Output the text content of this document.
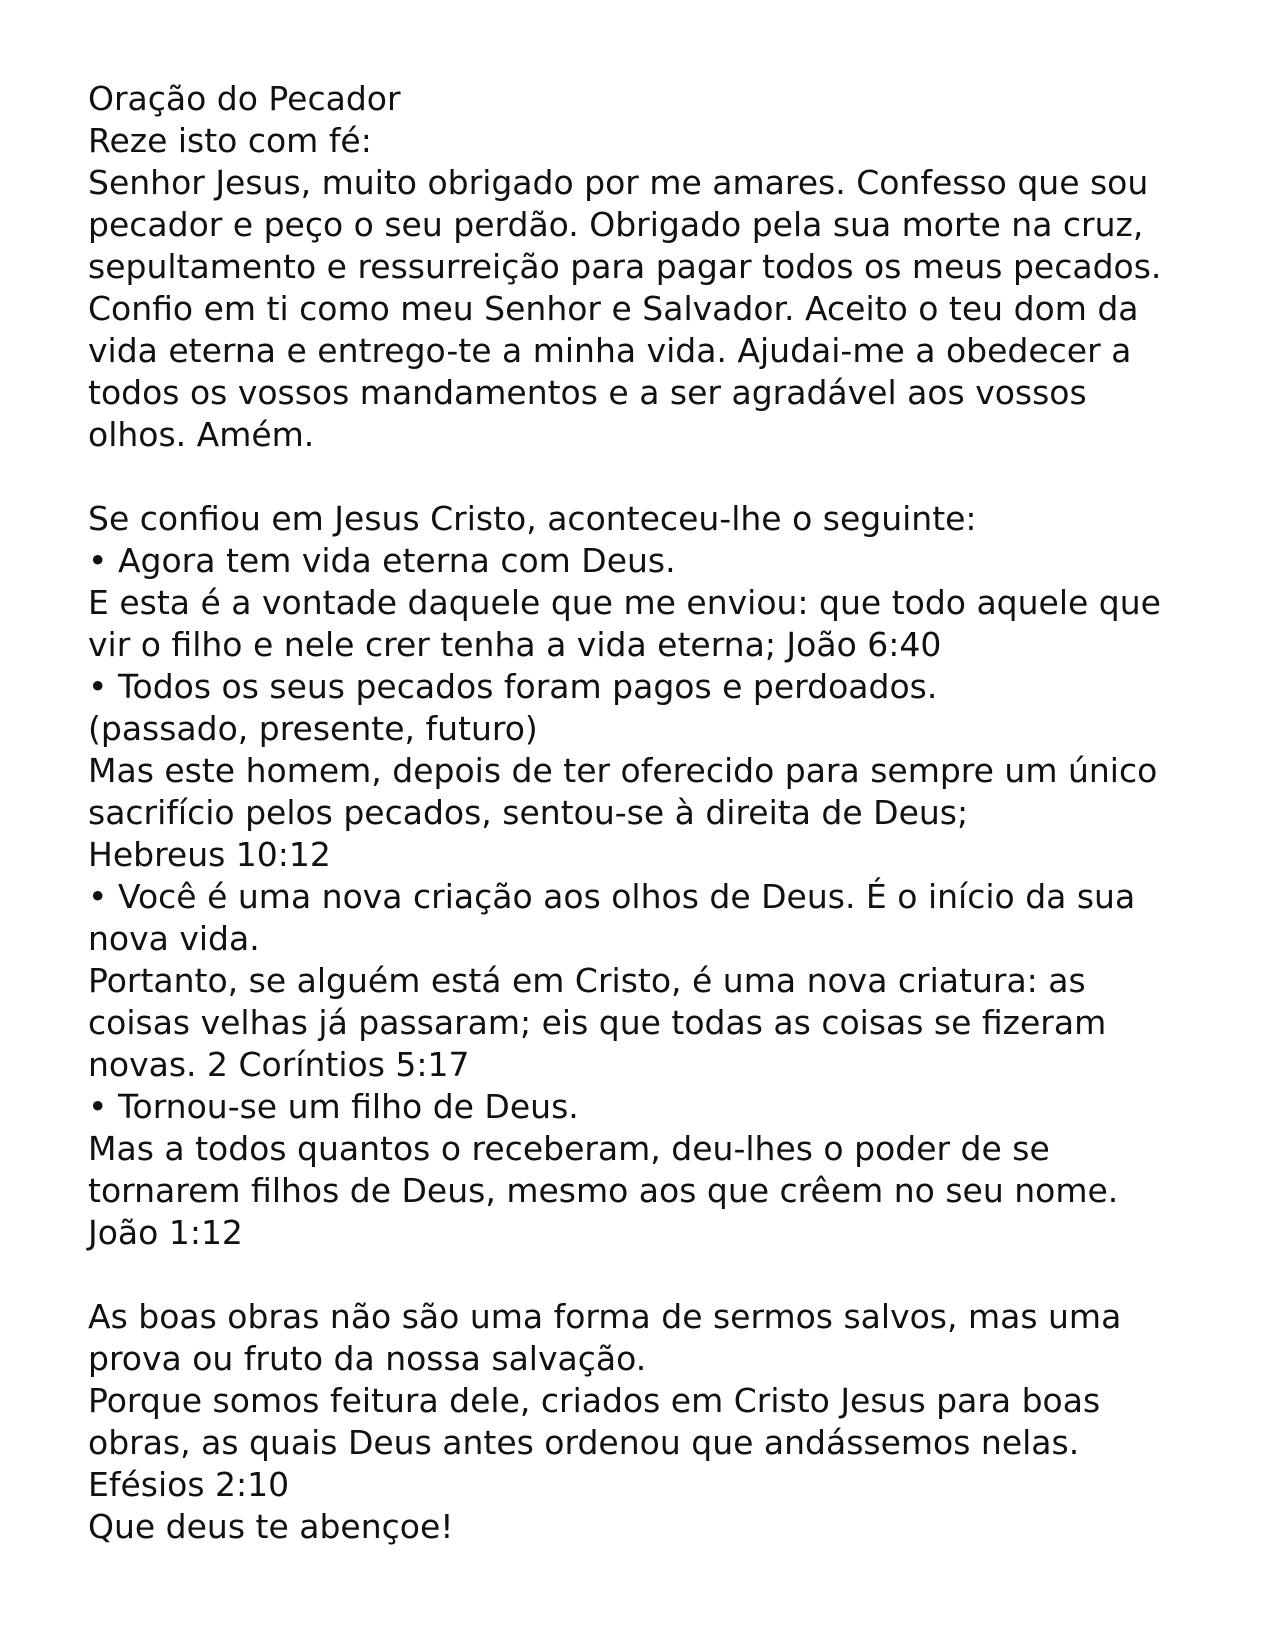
Oração do Pecador
Reze isto com fé:
Senhor Jesus, muito obrigado por me amares. Confesso que sou
pecador e peço o seu perdão. Obrigado pela sua morte na cruz,
sepultamento e ressurreição para pagar todos os meus pecados.
Confio em ti como meu Senhor e Salvador. Aceito o teu dom da
vida eterna e entrego-te a minha vida. Ajudai-me a obedecer a
todos os vossos mandamentos e a ser agradável aos vossos
olhos. Amém.
Se confiou em Jesus Cristo, aconteceu-lhe o seguinte:
• Agora tem vida eterna com Deus.
E esta é a vontade daquele que me enviou: que todo aquele que
vir o filho e nele crer tenha a vida eterna; João 6:40
• Todos os seus pecados foram pagos e perdoados.
(passado, presente, futuro)
Mas este homem, depois de ter oferecido para sempre um único
sacrifício pelos pecados, sentou-se à direita de Deus;
Hebreus 10:12
• Você é uma nova criação aos olhos de Deus. É o início da sua
nova vida.
Portanto, se alguém está em Cristo, é uma nova criatura: as
coisas velhas já passaram; eis que todas as coisas se fizeram
novas. 2 Coríntios 5:17
• Tornou-se um filho de Deus.
Mas a todos quantos o receberam, deu-lhes o poder de se
tornarem filhos de Deus, mesmo aos que crêem no seu nome.
João 1:12
As boas obras não são uma forma de sermos salvos, mas uma
prova ou fruto da nossa salvação.
Porque somos feitura dele, criados em Cristo Jesus para boas
obras, as quais Deus antes ordenou que andássemos nelas.
Efésios 2:10
Que deus te abençoe!
